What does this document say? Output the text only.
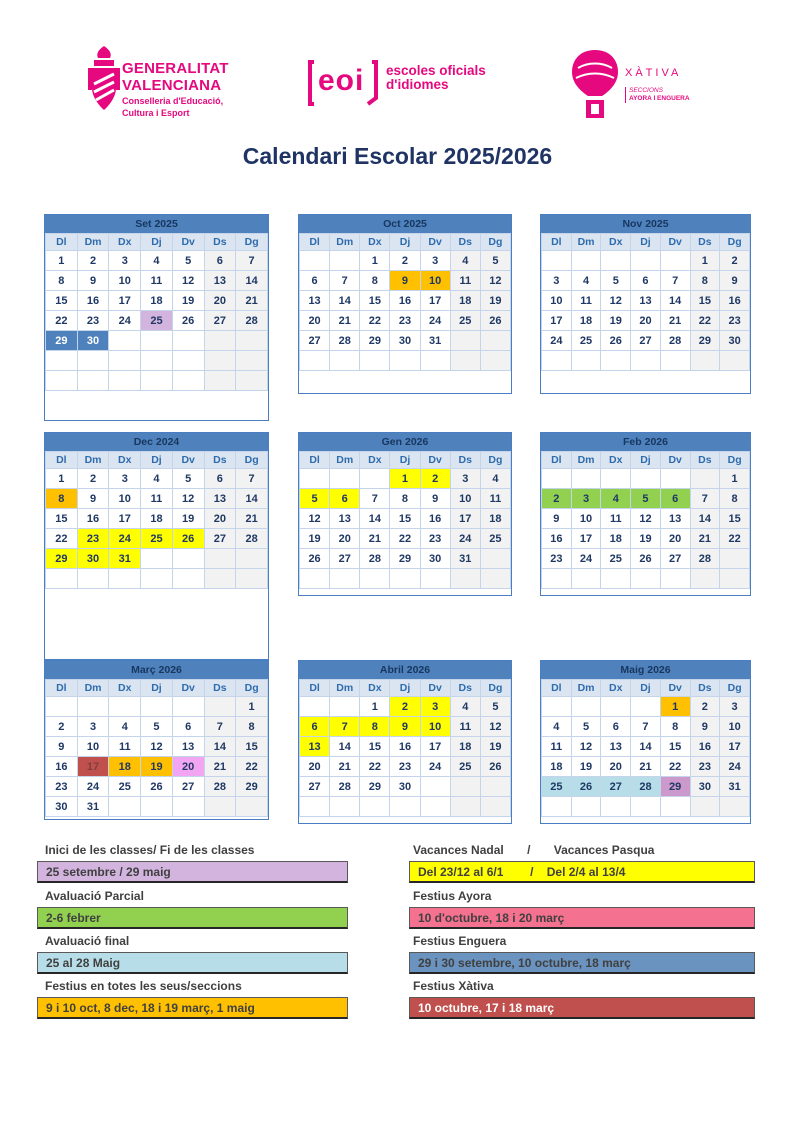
GENERALITAT
VALENCIANA
Conselleria d'Educació,
Cultura i Esport
eoi escoles oficials
d'idiomes
XÀTIVA
SECCIONS
AYORA I ENGUERA
Calendari Escolar 2025/2026
Set 2025
Dl	Dm	Dx	Dj	Dv	Ds	Dg
1	2	3	4	5	6	7
8	9	10	11	12	13	14
15	16	17	18	19	20	21
22	23	24	25	26	27	28
29	30					

Oct 2025
Dl	Dm	Dx	Dj	Dv	Ds	Dg
		1	2	3	4	5
6	7	8	9	10	11	12
13	14	15	16	17	18	19
20	21	22	23	24	25	26
27	28	29	30	31		

Nov 2025
Dl	Dm	Dx	Dj	Dv	Ds	Dg
					1	2
3	4	5	6	7	8	9
10	11	12	13	14	15	16
17	18	19	20	21	22	23
24	25	26	27	28	29	30

Dec 2024
Dl	Dm	Dx	Dj	Dv	Ds	Dg
1	2	3	4	5	6	7
8	9	10	11	12	13	14
15	16	17	18	19	20	21
22	23	24	25	26	27	28
29	30	31				

Gen 2026
Dl	Dm	Dx	Dj	Dv	Ds	Dg
			1	2	3	4
5	6	7	8	9	10	11
12	13	14	15	16	17	18
19	20	21	22	23	24	25
26	27	28	29	30	31	

Feb 2026
Dl	Dm	Dx	Dj	Dv	Ds	Dg
						1
2	3	4	5	6	7	8
9	10	11	12	13	14	15
16	17	18	19	20	21	22
23	24	25	26	27	28	

Març 2026
Dl	Dm	Dx	Dj	Dv	Ds	Dg
						1
2	3	4	5	6	7	8
9	10	11	12	13	14	15
16	17	18	19	20	21	22
23	24	25	26	27	28	29
30	31					
Abril 2026
Dl	Dm	Dx	Dj	Dv	Ds	Dg
		1	2	3	4	5
6	7	8	9	10	11	12
13	14	15	16	17	18	19
20	21	22	23	24	25	26
27	28	29	30			

Maig 2026
Dl	Dm	Dx	Dj	Dv	Ds	Dg
				1	2	3
4	5	6	7	8	9	10
11	12	13	14	15	16	17
18	19	20	21	22	23	24
25	26	27	28	29	30	31

Inici de les classes/ Fi de les classes
25 setembre / 29 maig
Avaluació Parcial
2-6 febrer
Avaluació final
25 al 28 Maig
Festius en totes les seus/seccions
9 i 10 oct, 8 dec, 18 i 19 març, 1 maig
Vacances Nadal       /       Vacances Pasqua
Del 23/12 al 6/1        /    Del 2/4 al 13/4
Festius Ayora
10 d'octubre, 18 i 20 març
Festius Enguera
29 i 30 setembre, 10 octubre, 18 març
Festius Xàtiva
10 octubre, 17 i 18 març
